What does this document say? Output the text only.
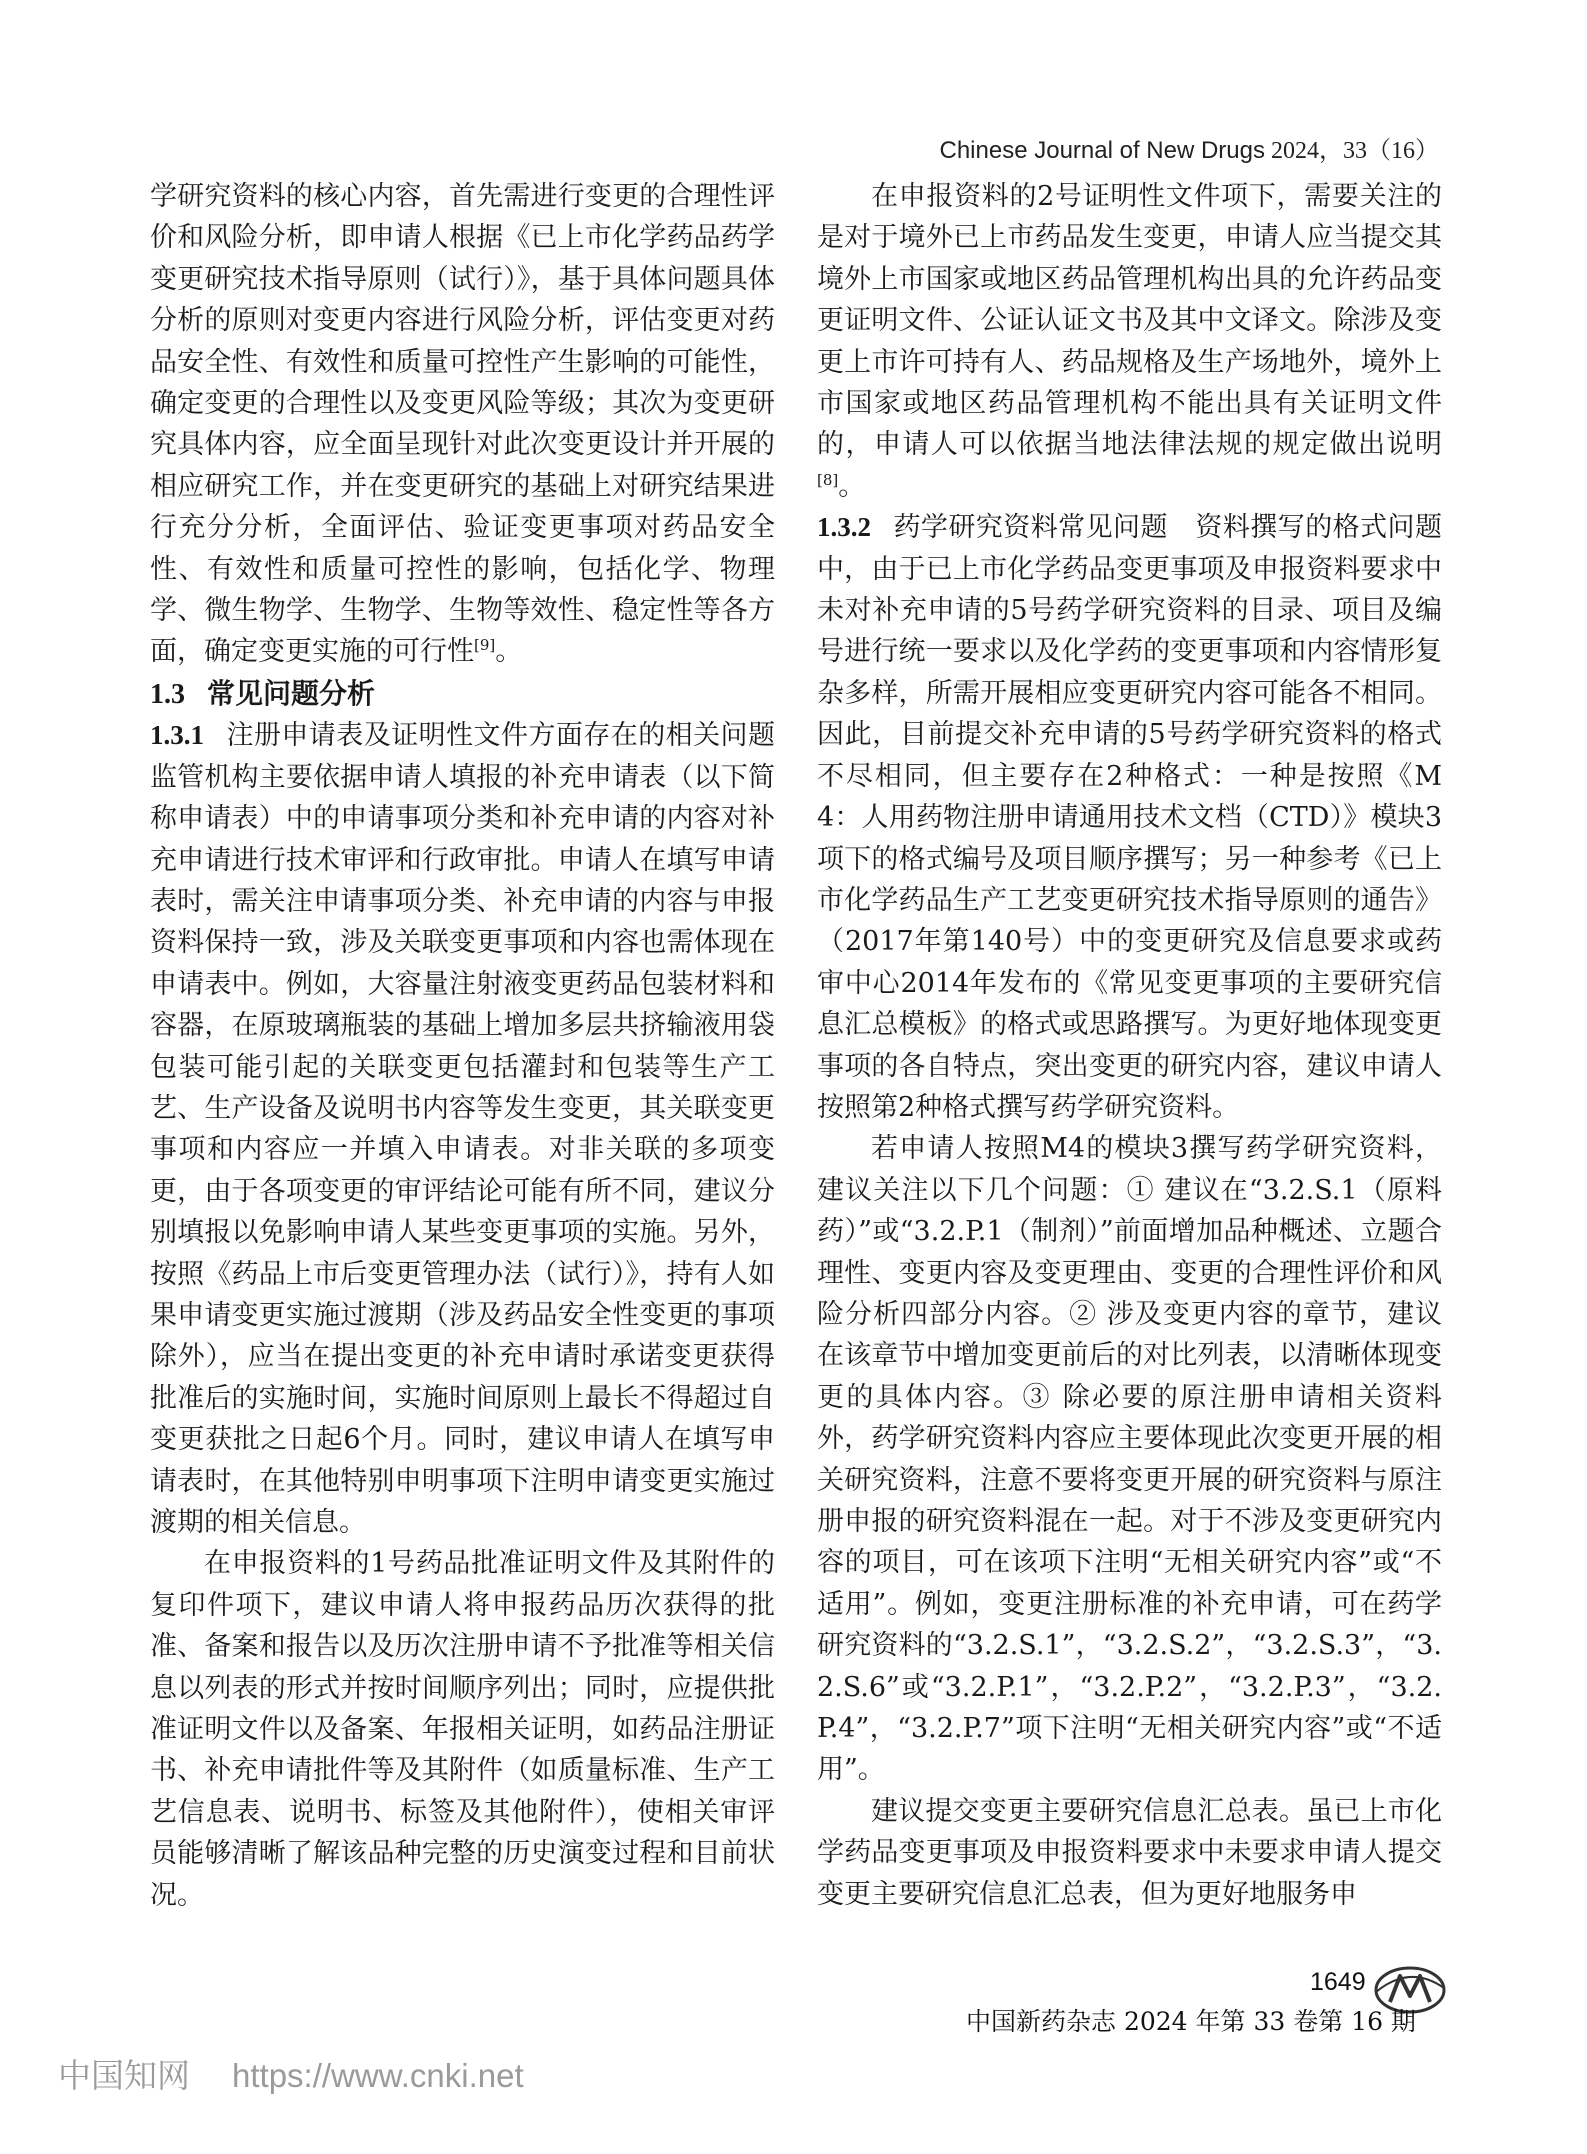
Chinese Journal of New Drugs 2024，33（16）

学研究资料的核心内容，首先需进行变更的合理性评价和风险分析，即申请人根据《已上市化学药品药学变更研究技术指导原则（试行）》，基于具体问题具体分析的原则对变更内容进行风险分析，评估变更对药品安全性、有效性和质量可控性产生影响的可能性，确定变更的合理性以及变更风险等级；其次为变更研究具体内容，应全面呈现针对此次变更设计并开展的相应研究工作，并在变更研究的基础上对研究结果进行充分分析，全面评估、验证变更事项对药品安全性、有效性和质量可控性的影响，包括化学、物理学、微生物学、生物学、生物等效性、稳定性等各方面，确定变更实施的可行性[9]。

1.3 常见问题分析

1.3.1 注册申请表及证明性文件方面存在的相关问题　监管机构主要依据申请人填报的补充申请表（以下简称申请表）中的申请事项分类和补充申请的内容对补充申请进行技术审评和行政审批。申请人在填写申请表时，需关注申请事项分类、补充申请的内容与申报资料保持一致，涉及关联变更事项和内容也需体现在申请表中。例如，大容量注射液变更药品包装材料和容器，在原玻璃瓶装的基础上增加多层共挤输液用袋包装可能引起的关联变更包括灌封和包装等生产工艺、生产设备及说明书内容等发生变更，其关联变更事项和内容应一并填入申请表。对非关联的多项变更，由于各项变更的审评结论可能有所不同，建议分别填报以免影响申请人某些变更事项的实施。另外，按照《药品上市后变更管理办法（试行）》，持有人如果申请变更实施过渡期（涉及药品安全性变更的事项除外），应当在提出变更的补充申请时承诺变更获得批准后的实施时间，实施时间原则上最长不得超过自变更获批之日起6个月。同时，建议申请人在填写申请表时，在其他特别申明事项下注明申请变更实施过渡期的相关信息。

在申报资料的1号药品批准证明文件及其附件的复印件项下，建议申请人将申报药品历次获得的批准、备案和报告以及历次注册申请不予批准等相关信息以列表的形式并按时间顺序列出；同时，应提供批准证明文件以及备案、年报相关证明，如药品注册证书、补充申请批件等及其附件（如质量标准、生产工艺信息表、说明书、标签及其他附件），使相关审评员能够清晰了解该品种完整的历史演变过程和目前状况。

在申报资料的2号证明性文件项下，需要关注的是对于境外已上市药品发生变更，申请人应当提交其境外上市国家或地区药品管理机构出具的允许药品变更证明文件、公证认证文书及其中文译文。除涉及变更上市许可持有人、药品规格及生产场地外，境外上市国家或地区药品管理机构不能出具有关证明文件的，申请人可以依据当地法律法规的规定做出说明[8]。

1.3.2 药学研究资料常见问题　 资料撰写的格式问题中，由于已上市化学药品变更事项及申报资料要求中未对补充申请的5号药学研究资料的目录、项目及编号进行统一要求以及化学药的变更事项和内容情形复杂多样，所需开展相应变更研究内容可能各不相同。因此，目前提交补充申请的5号药学研究资料的格式不尽相同，但主要存在2种格式：一种是按照《M4：人用药物注册申请通用技术文档（CTD）》模块3项下的格式编号及项目顺序撰写；另一种参考《已上市化学药品生产工艺变更研究技术指导原则的通告》（2017年第140号）中的变更研究及信息要求或药审中心2014年发布的《常见变更事项的主要研究信息汇总模板》的格式或思路撰写。为更好地体现变更事项的各自特点，突出变更的研究内容，建议申请人按照第2种格式撰写药学研究资料。

若申请人按照M4的模块3撰写药学研究资料，建议关注以下几个问题：① 建议在“3.2.S.1（原料药）”或“3.2.P.1（制剂）”前面增加品种概述、立题合理性、变更内容及变更理由、变更的合理性评价和风险分析四部分内容。② 涉及变更内容的章节，建议在该章节中增加变更前后的对比列表，以清晰体现变更的具体内容。③ 除必要的原注册申请相关资料外，药学研究资料内容应主要体现此次变更开展的相关研究资料，注意不要将变更开展的研究资料与原注册申报的研究资料混在一起。对于不涉及变更研究内容的项目，可在该项下注明“无相关研究内容”或“不适用”。例如，变更注册标准的补充申请，可在药学研究资料的“3.2.S.1”，“3.2.S.2”，“3.2.S.3”，“3.2.S.6”或“3.2.P.1”，“3.2.P.2”，“3.2.P.3”，“3.2.P.4”，“3.2.P.7”项下注明“无相关研究内容”或“不适用”。

建议提交变更主要研究信息汇总表。虽已上市化学药品变更事项及申报资料要求中未要求申请人提交变更主要研究信息汇总表，但为更好地服务申

1649
中国新药杂志 2024 年第 33 卷第 16 期
中国知网 https://www.cnki.net
